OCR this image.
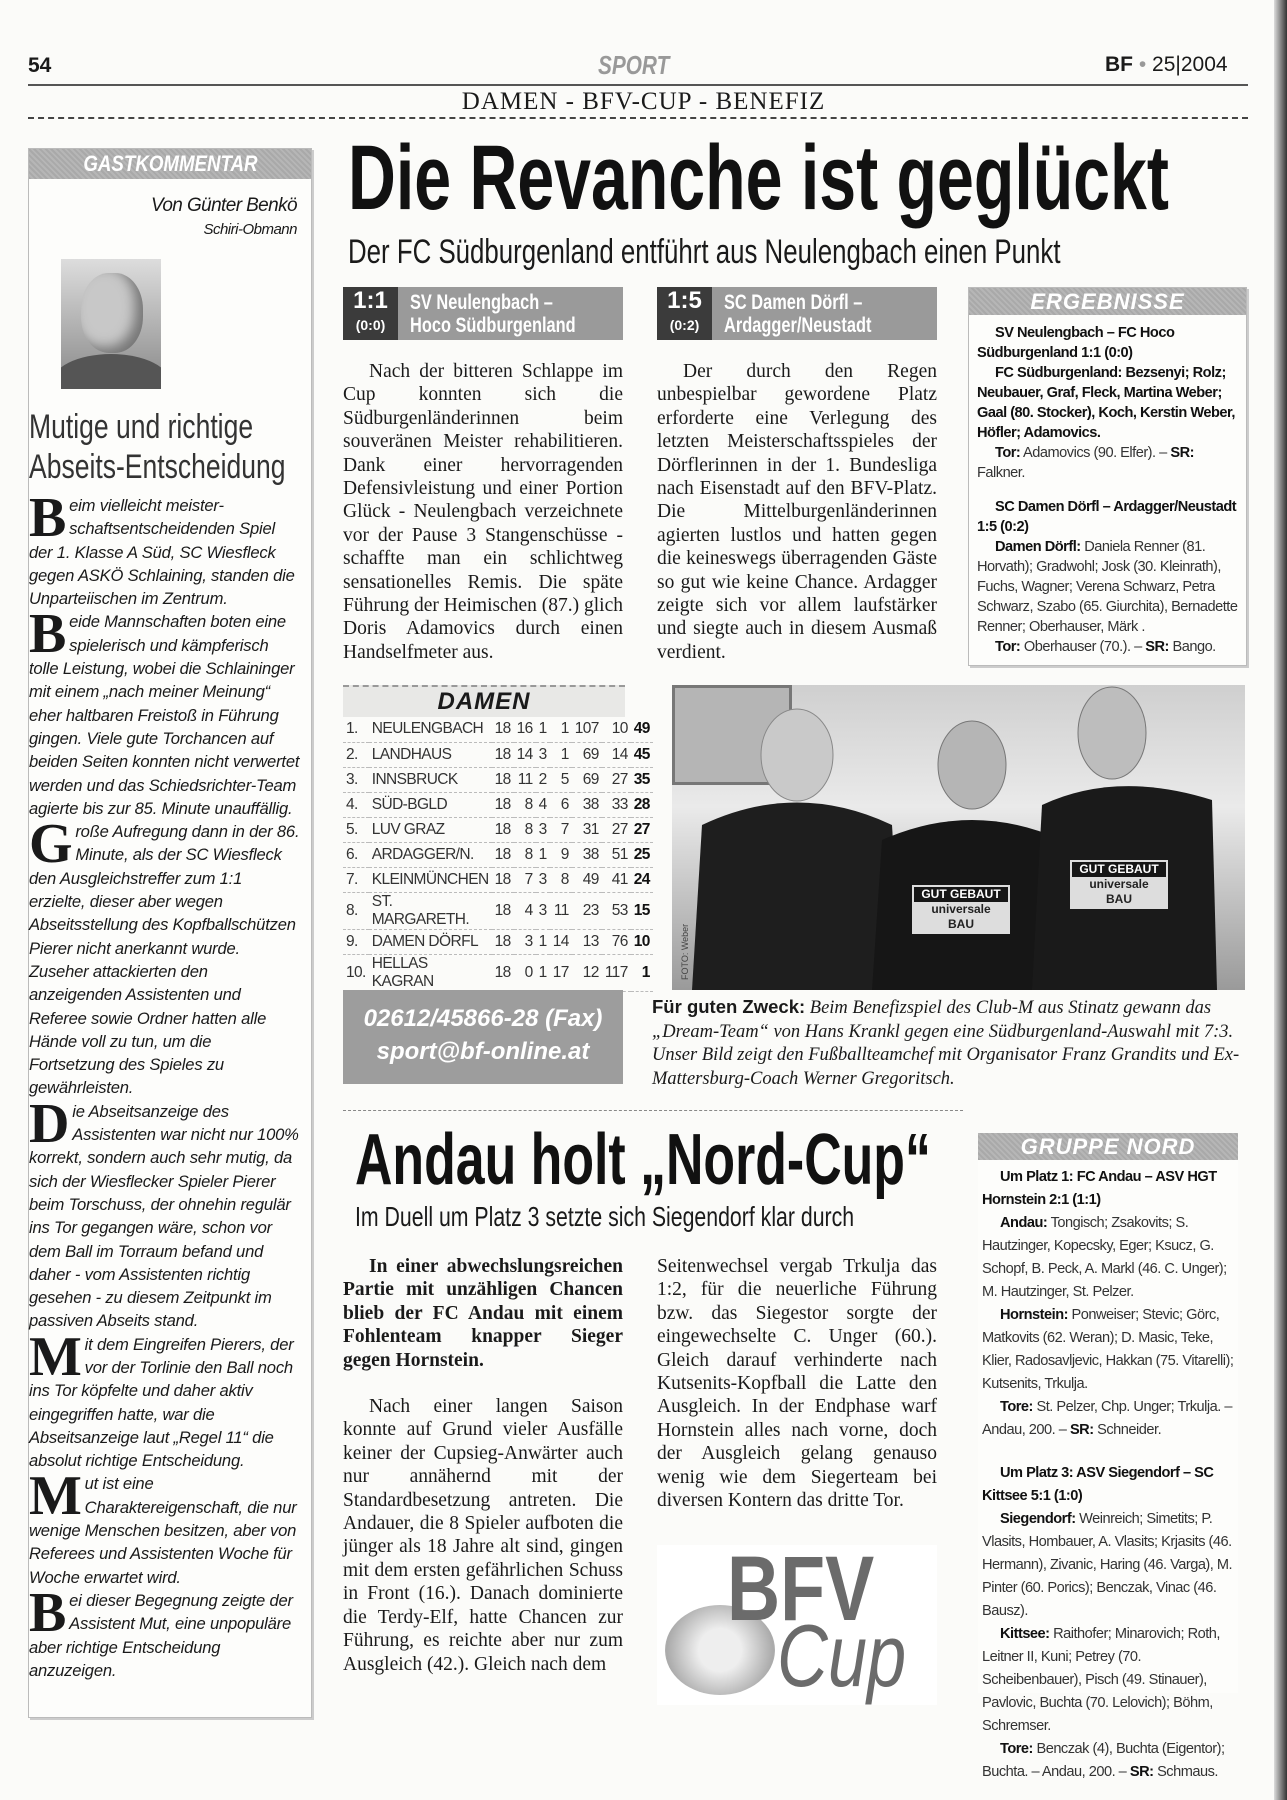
54	SPORT	BF • 25|2004
DAMEN - BFV-CUP - BENEFIZ
GASTKOMMENTAR
Von Günter Benkö
Schiri-Obmann
Mutige und richtige
Abseits-Entscheidung

Beim vielleicht meister-schaftsentscheidenden Spiel der 1. Klasse A Süd, SC Wiesfleck gegen ASKÖ Schlaining, standen die Unparteiischen im Zentrum.

Beide Mannschaften boten eine spielerisch und kämpferisch tolle Leistung, wobei die Schlaininger mit einem „nach meiner Meinung“ eher haltbaren Freistoß in Führung gingen. Viele gute Torchancen auf beiden Seiten konnten nicht verwertet werden und das Schiedsrichter-Team agierte bis zur 85. Minute unauffällig.

Große Aufregung dann in der 86. Minute, als der SC Wiesfleck den Ausgleichstreffer zum 1:1 erzielte, dieser aber wegen Abseitsstellung des Kopfballschützen Pierer nicht anerkannt wurde. Zuseher attackierten den anzeigenden Assistenten und Referee sowie Ordner hatten alle Hände voll zu tun, um die Fortsetzung des Spieles zu gewährleisten.

Die Abseitsanzeige des Assistenten war nicht nur 100% korrekt, sondern auch sehr mutig, da sich der Wiesflecker Spieler Pierer beim Torschuss, der ohnehin regulär ins Tor gegangen wäre, schon vor dem Ball im Torraum befand und daher - vom Assistenten richtig gesehen - zu diesem Zeitpunkt im passiven Abseits stand.

Mit dem Eingreifen Pierers, der vor der Torlinie den Ball noch ins Tor köpfelte und daher aktiv eingegriffen hatte, war die Abseitsanzeige laut „Regel 11“ die absolut richtige Entscheidung.

Mut ist eine Charaktereigenschaft, die nur wenige Menschen besitzen, aber von Referees und Assistenten Woche für Woche erwartet wird.

Bei dieser Begegnung zeigte der Assistent Mut, eine unpopuläre aber richtige Entscheidung anzuzeigen.

Die Revanche ist geglückt
Der FC Südburgenland entführt aus Neulengbach einen Punkt
1:1
(0:0)
SV Neulengbach –
Hoco Südburgenland
1:5
(0:2)
SC Damen Dörfl –
Ardagger/Neustadt

Nach der bitteren Schlappe im Cup konnten sich die Südburgenländerinnen beim souveränen Meister rehabilitieren. Dank einer hervorragenden Defensivleistung und einer Portion Glück - Neulengbach verzeichnete vor der Pause 3 Stangenschüsse - schaffte man ein schlichtweg sensationelles Remis. Die späte Führung der Heimischen (87.) glich Doris Adamovics durch einen Handselfmeter aus.

Der durch den Regen unbespielbar gewordene Platz erforderte eine Verlegung des letzten Meisterschaftsspieles der Dörflerinnen in der 1. Bundesliga nach Eisenstadt auf den BFV-Platz. Die Mittelburgenländerinnen agierten lustlos und hatten gegen die keineswegs überragenden Gäste so gut wie keine Chance. Ardagger zeigte sich vor allem laufstärker und siegte auch in diesem Ausmaß verdient.

ERGEBNISSE

SV Neulengbach – FC Hoco Südburgenland 1:1 (0:0)

FC Südburgenland: Bezsenyi; Rolz; Neubauer, Graf, Fleck, Martina Weber; Gaal (80. Stocker), Koch, Kerstin Weber, Höfler; Adamovics.

Tor: Adamovics (90. Elfer). – SR: Falkner.

SC Damen Dörfl – Ardagger/Neustadt 1:5 (0:2)

Damen Dörfl: Daniela Renner (81. Horvath); Gradwohl; Josk (30. Kleinrath), Fuchs, Wagner; Verena Schwarz, Petra Schwarz, Szabo (65. Giurchita), Bernadette Renner; Oberhauser, Märk .

Tor: Oberhauser (70.). – SR: Bango.

DAMEN
1.	NEULENGBACH	18	16	1	1	107	10	49
2.	LANDHAUS	18	14	3	1	69	14	45
3.	INNSBRUCK	18	11	2	5	69	27	35
4.	SÜD-BGLD	18	8	4	6	38	33	28
5.	LUV GRAZ	18	8	3	7	31	27	27
6.	ARDAGGER/N.	18	8	1	9	38	51	25
7.	KLEINMÜNCHEN	18	7	3	8	49	41	24
8.	ST. MARGARETH.	18	4	3	11	23	53	15
9.	DAMEN DÖRFL	18	3	1	14	13	76	10
10.	HELLAS KAGRAN	18	0	1	17	12	117	1
02612/45866-28 (Fax)
sport@bf-online.at
GUT GEBAUT
universale
BAU
GUT GEBAUT
universale
BAU
FOTO: Weber
Für guten Zweck: Beim Benefizspiel des Club-M aus Stinatz gewann das „Dream-Team“ von Hans Krankl gegen eine Südburgenland-Auswahl mit 7:3. Unser Bild zeigt den Fußballteamchef mit Organisator Franz Grandits und Ex-Mattersburg-Coach Werner Gregoritsch.
Andau holt „Nord-Cup“
Im Duell um Platz 3 setzte sich Siegendorf klar durch

In einer abwechslungsreichen Partie mit unzähligen Chancen blieb der FC Andau mit einem Fohlenteam knapper Sieger gegen Hornstein.

Nach einer langen Saison konnte auf Grund vieler Ausfälle keiner der Cupsieg-Anwärter auch nur annähernd mit der Standardbesetzung antreten. Die Andauer, die 8 Spieler aufboten die jünger als 18 Jahre alt sind, gingen mit dem ersten gefährlichen Schuss in Front (16.). Danach dominierte die Terdy-Elf, hatte Chancen zur Führung, es reichte aber nur zum Ausgleich (42.). Gleich nach dem

Seitenwechsel vergab Trkulja das 1:2, für die neuerliche Führung bzw. das Siegestor sorgte der eingewechselte C. Unger (60.). Gleich darauf verhinderte nach Kutsenits-Kopfball die Latte den Ausgleich. In der Endphase warf Hornstein alles nach vorne, doch der Ausgleich gelang genauso wenig wie dem Siegerteam bei diversen Kontern das dritte Tor.

BFV
Cup
GRUPPE NORD

Um Platz 1: FC Andau – ASV HGT Hornstein 2:1 (1:1)

Andau: Tongisch; Zsakovits; S. Hautzinger, Kopecsky, Eger; Ksucz, G. Schopf, B. Peck, A. Markl (46. C. Unger); M. Hautzinger, St. Pelzer.

Hornstein: Ponweiser; Stevic; Görc, Matkovits (62. Weran); D. Masic, Teke, Klier, Radosavljevic, Hakkan (75. Vitarelli); Kutsenits, Trkulja.

Tore: St. Pelzer, Chp. Unger; Trkulja. – Andau, 200. – SR: Schneider.

Um Platz 3: ASV Siegendorf – SC Kittsee 5:1 (1:0)

Siegendorf: Weinreich; Simetits; P. Vlasits, Hombauer, A. Vlasits; Krjasits (46. Hermann), Zivanic, Haring (46. Varga), M. Pinter (60. Porics); Benczak, Vinac (46. Bausz).

Kittsee: Raithofer; Minarovich; Roth, Leitner II, Kuni; Petrey (70. Scheibenbauer), Pisch (49. Stinauer), Pavlovic, Buchta (70. Lelovich); Böhm, Schremser.

Tore: Benczak (4), Buchta (Eigentor); Buchta. – Andau, 200. – SR: Schmaus.
